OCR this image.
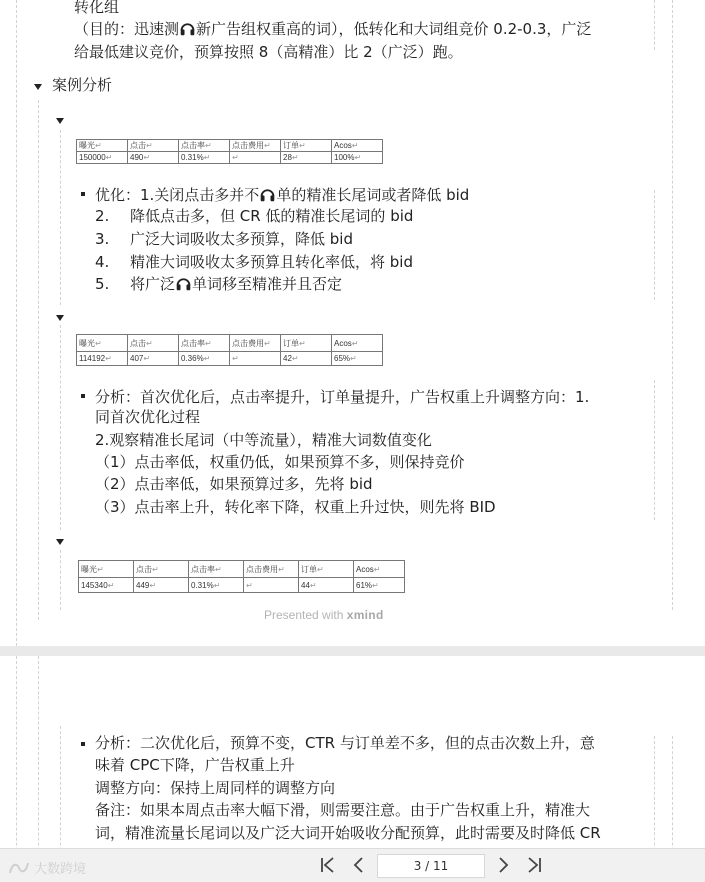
转化组
（目的：迅速测 新广告组权重高的词），低转化和大词组竞价 0.2-0.3，广泛
给最低建议竞价，预算按照 8（高精准）比 2（广泛）跑。
案例分析
曝光↵	点击↵	点击率↵	点击费用↵	订单↵	Acos↵
150000↵	490↵	0.31%↵	↵	28↵	100%↵
优化：1.关闭点击多并不 单的精准长尾词或者降低 bid
2. 降低点击多，但 CR 低的精准长尾词的 bid
3. 广泛大词吸收太多预算，降低 bid
4. 精准大词吸收太多预算且转化率低，将 bid
5. 将广泛 单词移至精准并且否定
曝光↵	点击↵	点击率↵	点击费用↵	订单↵	Acos↵
114192↵	407↵	0.36%↵	↵	42↵	65%↵
分析：首次优化后，点击率提升，订单量提升，广告权重上升调整方向：1.
同首次优化过程
2.观察精准长尾词（中等流量），精准大词数值变化
（1）点击率低，权重仍低，如果预算不多，则保持竞价
（2）点击率低，如果预算过多，先将 bid
（3）点击率上升，转化率下降，权重上升过快，则先将 BID
曝光↵	点击↵	点击率↵	点击费用↵	订单↵	Acos↵
145340↵	449↵	0.31%↵	↵	44↵	61%↵
Presented with xmind
分析：二次优化后，预算不变，CTR 与订单差不多，但的点击次数上升，意
味着 CPC下降，广告权重上升
调整方向：保持上周同样的调整方向
备注：如果本周点击率大幅下滑，则需要注意。由于广告权重上升，精准大
词，精准流量长尾词以及广泛大词开始吸收分配预算，此时需要及时降低 CR
大数跨境	3 / 11
